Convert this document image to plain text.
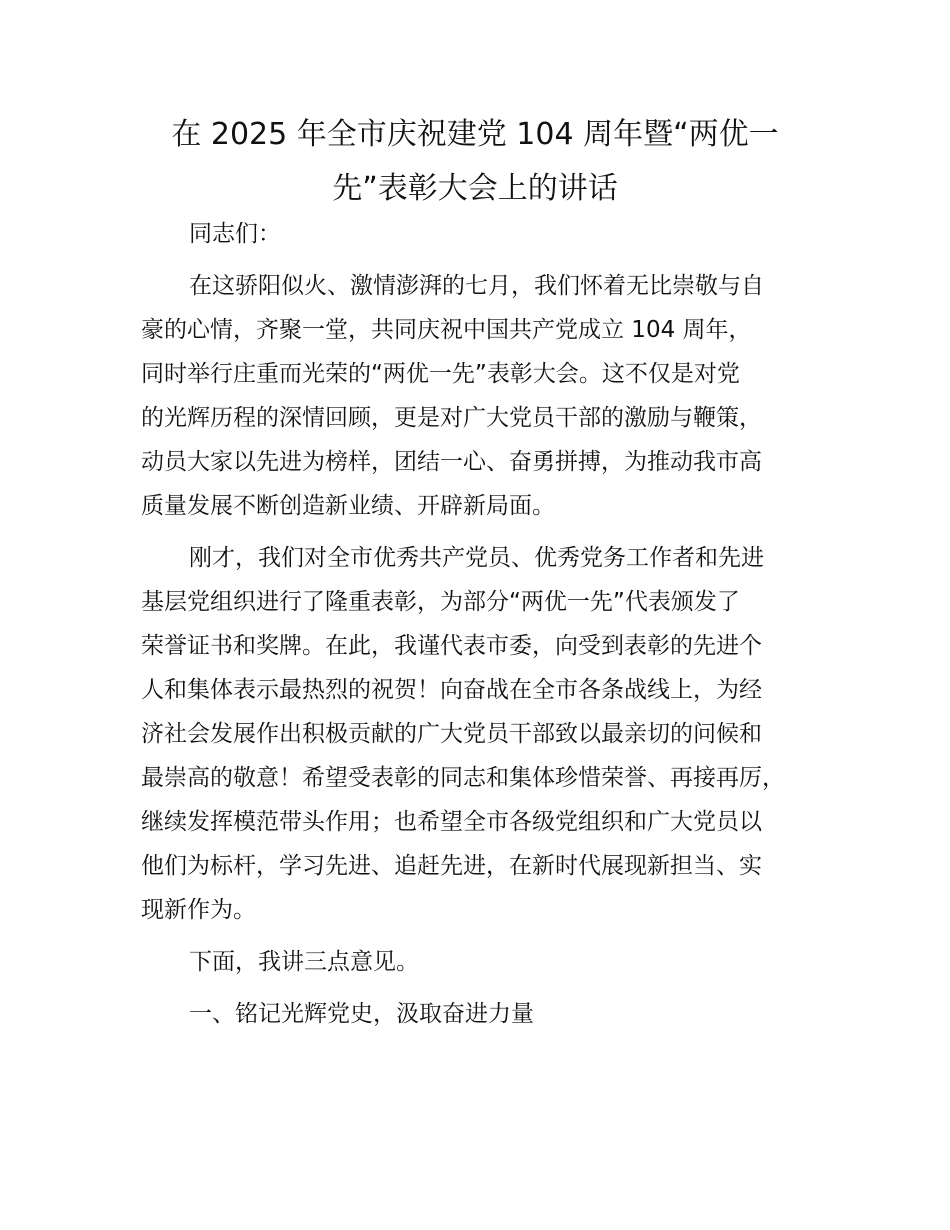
在 2025 年全市庆祝建党 104 周年暨“两优一
先”表彰大会上的讲话

同志们：

在这骄阳似火、激情澎湃的七月，我们怀着无比崇敬与自
豪的心情，齐聚一堂，共同庆祝中国共产党成立 104 周年，
同时举行庄重而光荣的“两优一先”表彰大会。这不仅是对党
的光辉历程的深情回顾，更是对广大党员干部的激励与鞭策，
动员大家以先进为榜样，团结一心、奋勇拼搏，为推动我市高
质量发展不断创造新业绩、开辟新局面。

刚才，我们对全市优秀共产党员、优秀党务工作者和先进
基层党组织进行了隆重表彰，为部分“两优一先”代表颁发了
荣誉证书和奖牌。在此，我谨代表市委，向受到表彰的先进个
人和集体表示最热烈的祝贺！向奋战在全市各条战线上，为经
济社会发展作出积极贡献的广大党员干部致以最亲切的问候和
最崇高的敬意！希望受表彰的同志和集体珍惜荣誉、再接再厉，
继续发挥模范带头作用；也希望全市各级党组织和广大党员以
他们为标杆，学习先进、追赶先进，在新时代展现新担当、实
现新作为。

下面，我讲三点意见。

一、铭记光辉党史，汲取奋进力量
